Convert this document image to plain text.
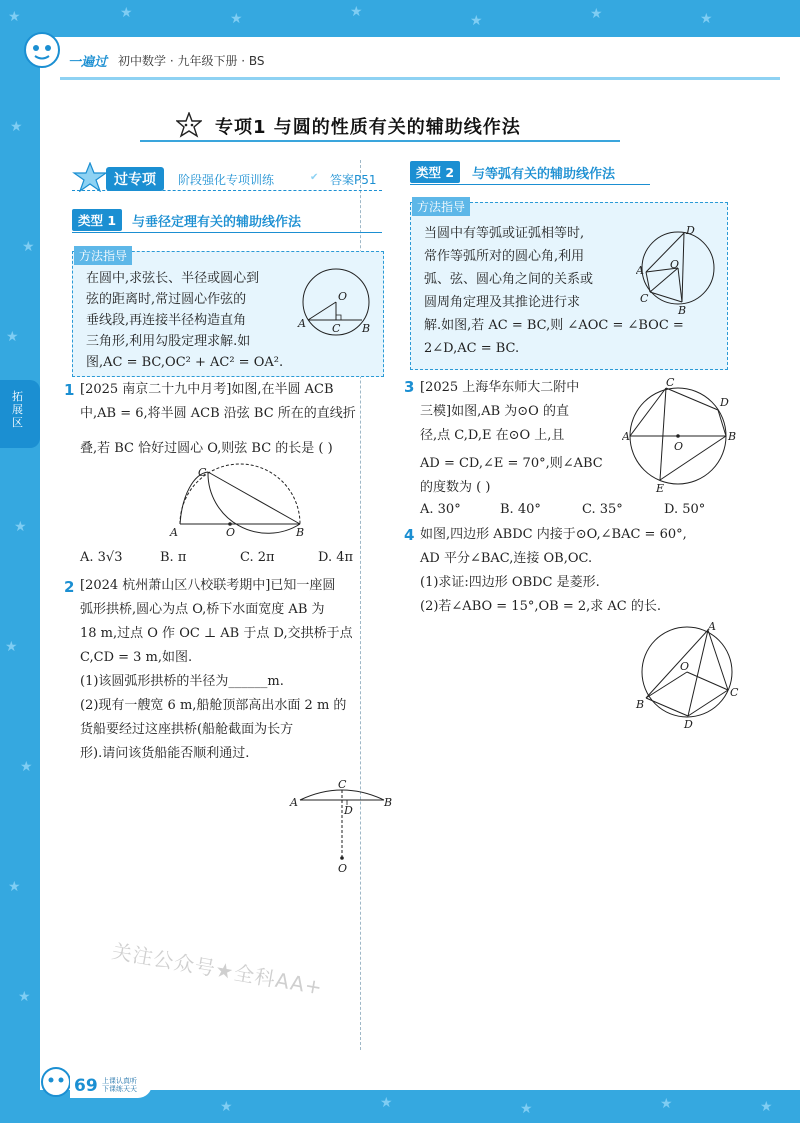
★	★	★	★
★	★	★
★
★
★
★
★
★
★
★
★	★	★	★	★
一遍过 初中数学 · 九年级下册 · BS
专项1 与圆的性质有关的辅助线作法
拓展区
过专项	阶段强化专项训练	✔ 答案P51
类型 1	与垂径定理有关的辅助线作法
方法指导
在圆中,求弦长、半径或圆心到
弦的距离时,常过圆心作弦的
垂线段,再连接半径构造直角
三角形,利用勾股定理求解.如
图,AC = BC,OC² + AC² = OA².
O
A C B
1 [2025 南京二十九中月考]如图,在半圆 ACB
中,AB = 6,将半圆 ACB 沿弦 BC 所在的直线折
叠,若 BC 恰好过圆心 O,则弦 BC 的长是 ( )
C
A	O	B
A. 3√3	B. π	C. 2π	D. 4π
2 [2024 杭州萧山区八校联考期中]已知一座圆
弧形拱桥,圆心为点 O,桥下水面宽度 AB 为
18 m,过点 O 作 OC ⊥ AB 于点 D,交拱桥于点
C,CD = 3 m,如图.
(1)该圆弧形拱桥的半径为______m.
(2)现有一艘宽 6 m,船舱顶部高出水面 2 m 的
货船要经过这座拱桥(船舱截面为长方
形).请问该货船能否顺利通过.
C
A
D
B
O
类型 2	与等弧有关的辅助线作法
方法指导
当圆中有等弧或证弧相等时,
常作等弧所对的圆心角,利用
弧、弦、圆心角之间的关系或
圆周角定理及其推论进行求
解.如图,若 AC = BC,则 ∠AOC = ∠BOC =
2∠D,AC = BC.
D
A O
C
B
3 [2025 上海华东师大二附中
三模]如图,AB 为⊙O 的直
径,点 C,D,E 在⊙O 上,且
AD = CD,∠E = 70°,则∠ABC
的度数为 ( )
C
D
A	B
O
E
A. 30°	B. 40°	C. 35°	D. 50°
4 如图,四边形 ABDC 内接于⊙O,∠BAC = 60°,
AD 平分∠BAC,连接 OB,OC.
(1)求证:四边形 OBDC 是菱形.
(2)若∠ABO = 15°,OB = 2,求 AC 的长.
A
O
B
C
D
关注公众号★全科AA+
69 上课认真听
下课练天天
